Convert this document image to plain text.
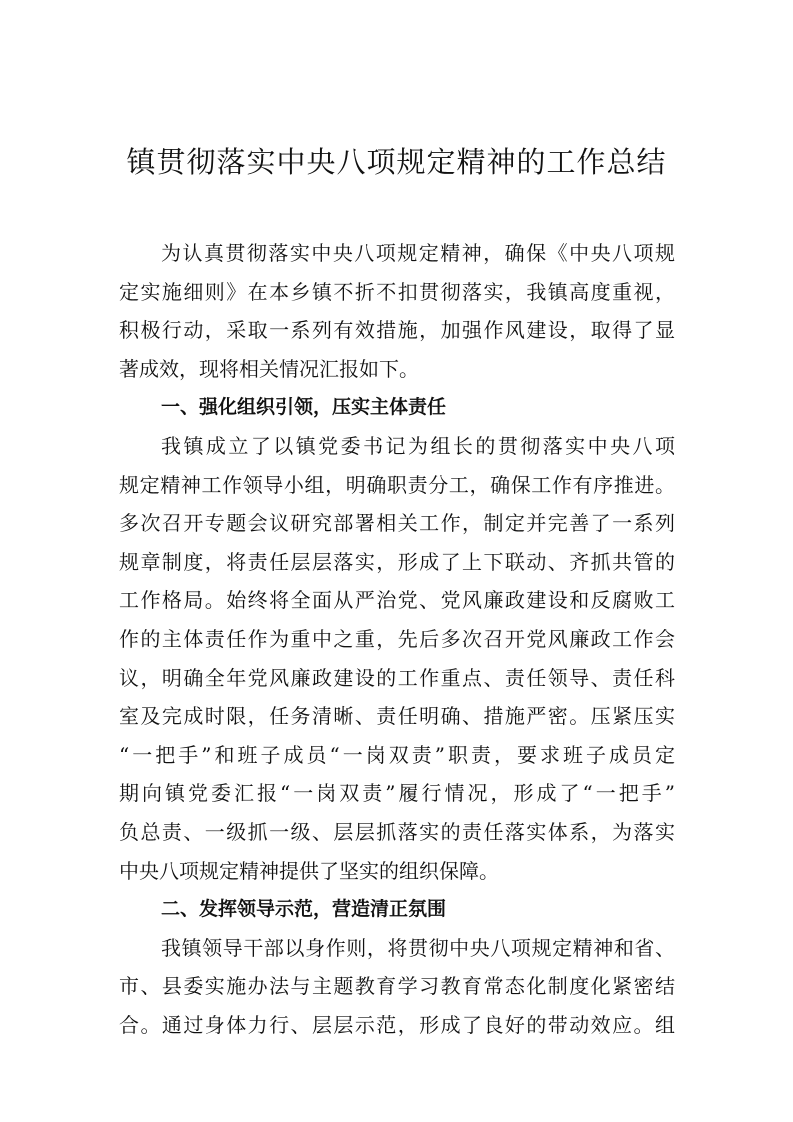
镇贯彻落实中央八项规定精神的工作总结
为认真贯彻落实中央八项规定精神，确保《中央八项规
定实施细则》在本乡镇不折不扣贯彻落实，我镇高度重视，
积极行动，采取一系列有效措施，加强作风建设，取得了显
著成效，现将相关情况汇报如下。
一、强化组织引领，压实主体责任
我镇成立了以镇党委书记为组长的贯彻落实中央八项
规定精神工作领导小组，明确职责分工，确保工作有序推进。
多次召开专题会议研究部署相关工作，制定并完善了一系列
规章制度，将责任层层落实，形成了上下联动、齐抓共管的
工作格局。始终将全面从严治党、党风廉政建设和反腐败工
作的主体责任作为重中之重，先后多次召开党风廉政工作会
议，明确全年党风廉政建设的工作重点、责任领导、责任科
室及完成时限，任务清晰、责任明确、措施严密。压紧压实
“一把手”和班子成员“一岗双责”职责，要求班子成员定
期向镇党委汇报“一岗双责”履行情况，形成了“一把手”
负总责、一级抓一级、层层抓落实的责任落实体系，为落实
中央八项规定精神提供了坚实的组织保障。
二、发挥领导示范，营造清正氛围
我镇领导干部以身作则，将贯彻中央八项规定精神和省、
市、县委实施办法与主题教育学习教育常态化制度化紧密结
合。通过身体力行、层层示范，形成了良好的带动效应。组
